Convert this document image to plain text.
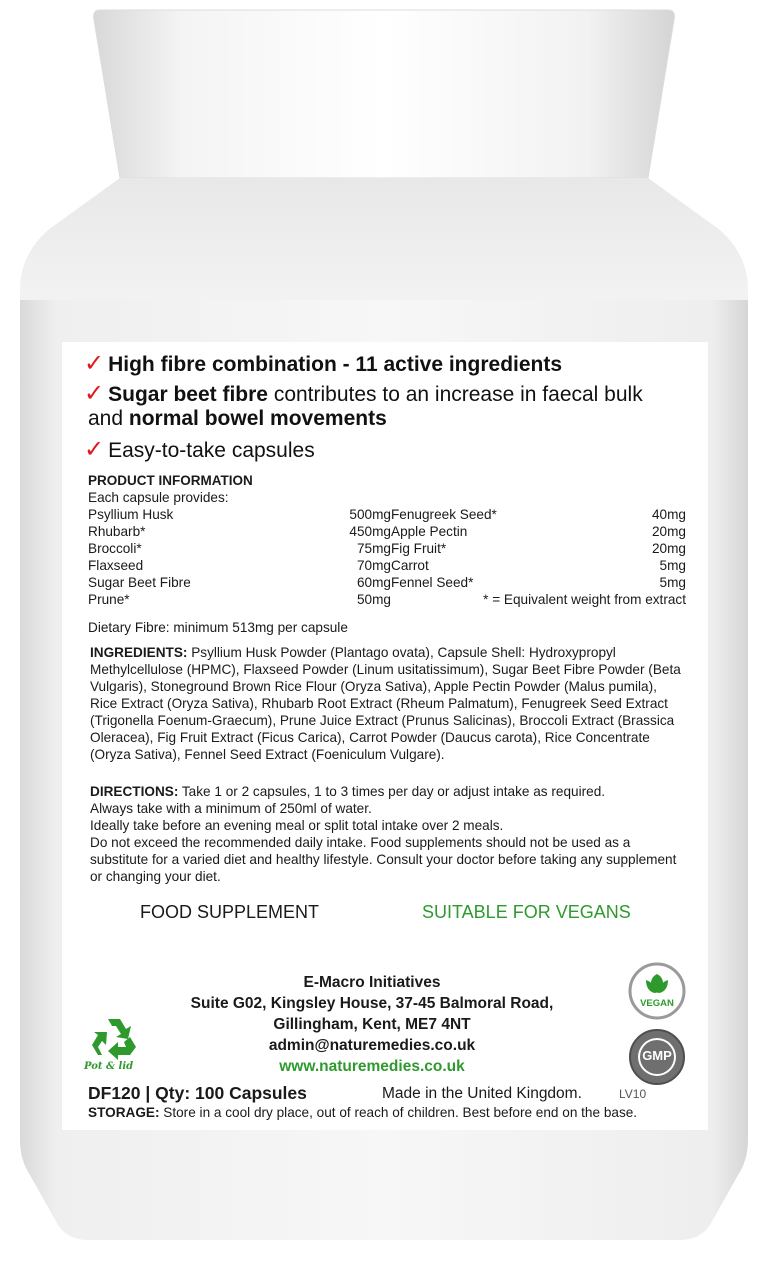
✓ High fibre combination - 11 active ingredients
✓ Sugar beet fibre contributes to an increase in faecal bulk
and normal bowel movements
✓ Easy-to-take capsules
PRODUCT INFORMATION
Each capsule provides:
Psyllium Husk	500mg Fenugreek Seed*	40mg
Rhubarb*	450mg Apple Pectin	20mg
Broccoli*	75mg Fig Fruit*	20mg
Flaxseed	70mg Carrot	5mg
Sugar Beet Fibre	60mg Fennel Seed*	5mg
Prune*	50mg	* = Equivalent weight from extract
Dietary Fibre: minimum 513mg per capsule
INGREDIENTS: Psyllium Husk Powder (Plantago ovata), Capsule Shell: Hydroxypropyl Methylcellulose (HPMC), Flaxseed Powder (Linum usitatissimum), Sugar Beet Fibre Powder (Beta Vulgaris), Stoneground Brown Rice Flour (Oryza Sativa), Apple Pectin Powder (Malus pumila), Rice Extract (Oryza Sativa), Rhubarb Root Extract (Rheum Palmatum), Fenugreek Seed Extract (Trigonella Foenum-Graecum), Prune Juice Extract (Prunus Salicinas), Broccoli Extract (Brassica Oleracea), Fig Fruit Extract (Ficus Carica), Carrot Powder (Daucus carota), Rice Concentrate (Oryza Sativa), Fennel Seed Extract (Foeniculum Vulgare).
DIRECTIONS: Take 1 or 2 capsules, 1 to 3 times per day or adjust intake as required.
Always take with a minimum of 250ml of water.
Ideally take before an evening meal or split total intake over 2 meals.
Do not exceed the recommended daily intake. Food supplements should not be used as a substitute for a varied diet and healthy lifestyle. Consult your doctor before taking any supplement or changing your diet.
FOOD SUPPLEMENT	SUITABLE FOR VEGANS
E-Macro Initiatives
Suite G02, Kingsley House, 37-45 Balmoral Road,
Gillingham, Kent, ME7 4NT
admin@naturemedies.co.uk
www.naturemedies.co.uk
Pot & lid
VEGAN
GMP
DF120 | Qty: 100 Capsules	Made in the United Kingdom.	LV10
STORAGE: Store in a cool dry place, out of reach of children. Best before end on the base.
